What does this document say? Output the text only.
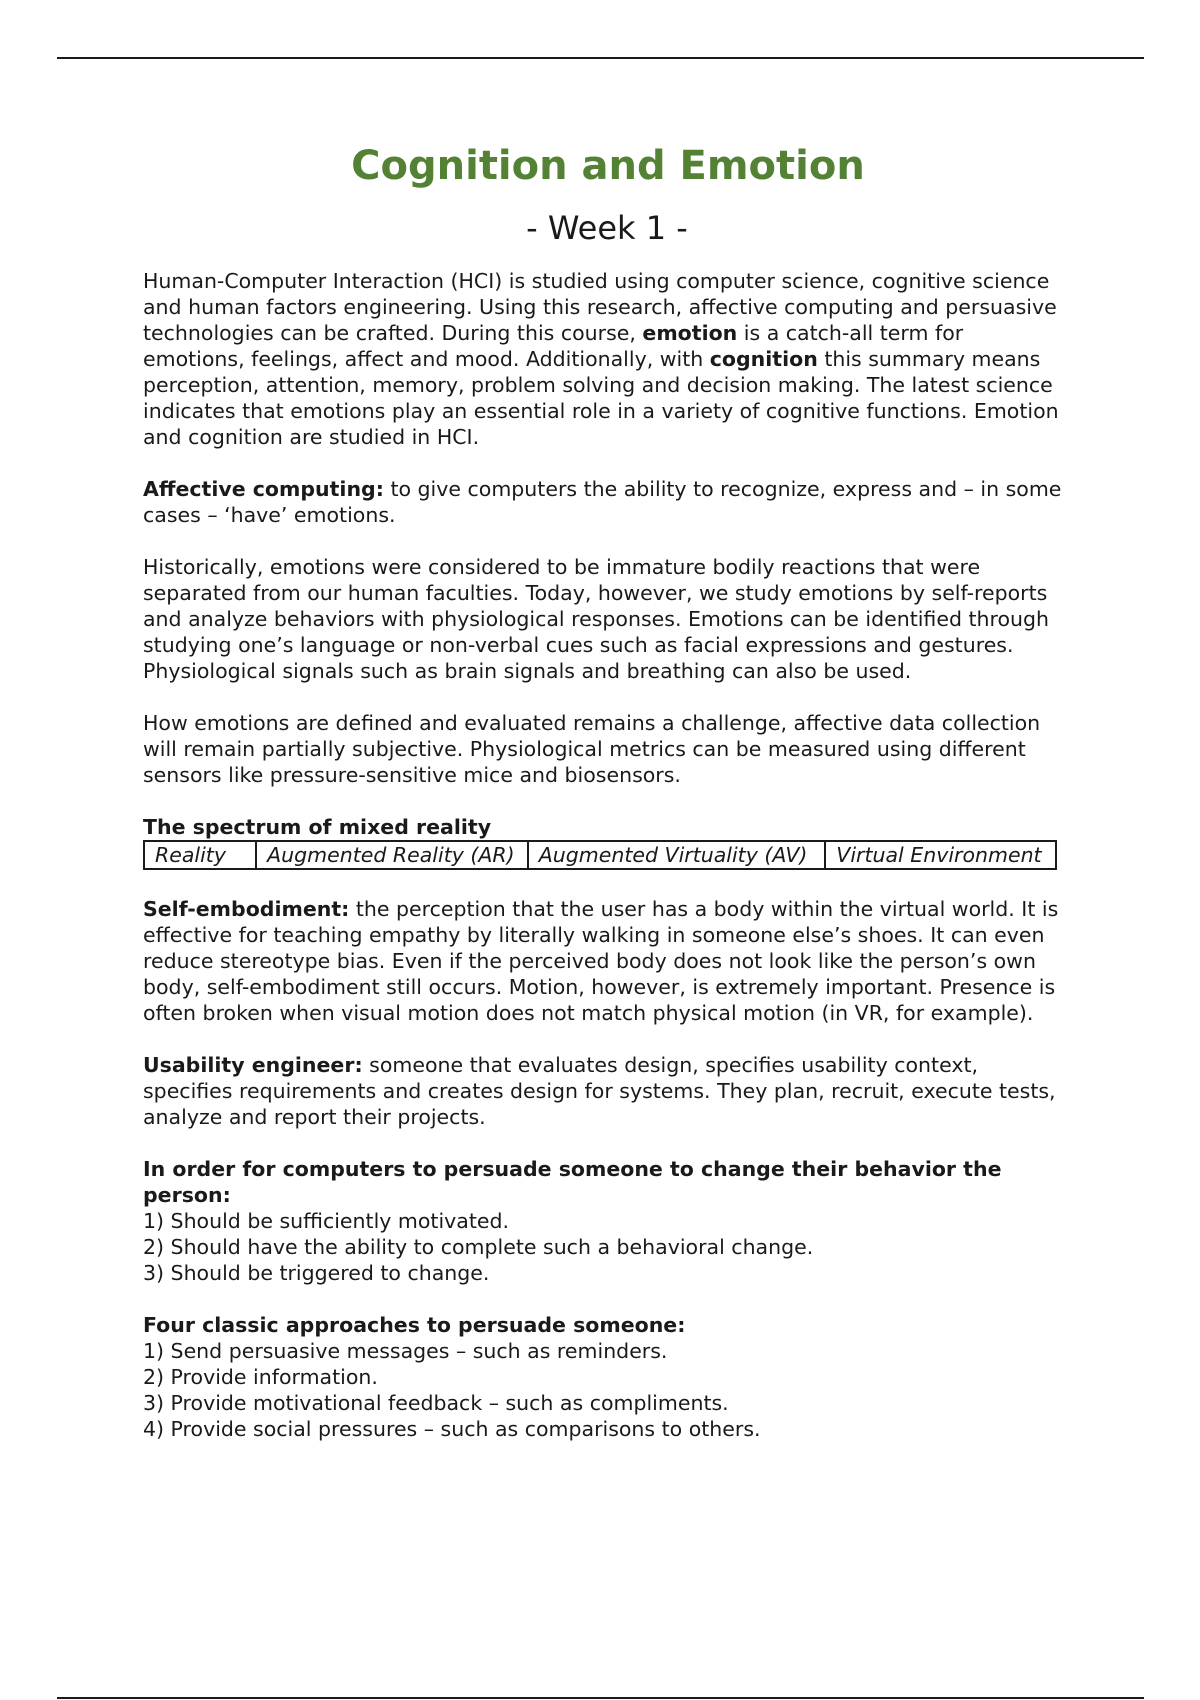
Cognition and Emotion
- Week 1 -

Human-Computer Interaction (HCI) is studied using computer science, cognitive science and human factors engineering. Using this research, affective computing and persuasive technologies can be crafted. During this course, emotion is a catch-all term for emotions, feelings, affect and mood. Additionally, with cognition this summary means perception, attention, memory, problem solving and decision making. The latest science indicates that emotions play an essential role in a variety of cognitive functions. Emotion and cognition are studied in HCI.

Affective computing: to give computers the ability to recognize, express and – in some cases – ‘have’ emotions.

Historically, emotions were considered to be immature bodily reactions that were separated from our human faculties. Today, however, we study emotions by self-reports and analyze behaviors with physiological responses. Emotions can be identified through studying one’s language or non-verbal cues such as facial expressions and gestures. Physiological signals such as brain signals and breathing can also be used.

How emotions are defined and evaluated remains a challenge, affective data collection will remain partially subjective. Physiological metrics can be measured using different sensors like pressure-sensitive mice and biosensors.

The spectrum of mixed reality
Reality	Augmented Reality (AR)	Augmented Virtuality (AV)	Virtual Environment

Self-embodiment: the perception that the user has a body within the virtual world. It is effective for teaching empathy by literally walking in someone else’s shoes. It can even reduce stereotype bias. Even if the perceived body does not look like the person’s own body, self-embodiment still occurs. Motion, however, is extremely important. Presence is often broken when visual motion does not match physical motion (in VR, for example).

Usability engineer: someone that evaluates design, specifies usability context, specifies requirements and creates design for systems. They plan, recruit, execute tests, analyze and report their projects.

In order for computers to persuade someone to change their behavior the person:
1) Should be sufficiently motivated.
2) Should have the ability to complete such a behavioral change.
3) Should be triggered to change.
Four classic approaches to persuade someone:
1) Send persuasive messages – such as reminders.
2) Provide information.
3) Provide motivational feedback – such as compliments.
4) Provide social pressures – such as comparisons to others.
